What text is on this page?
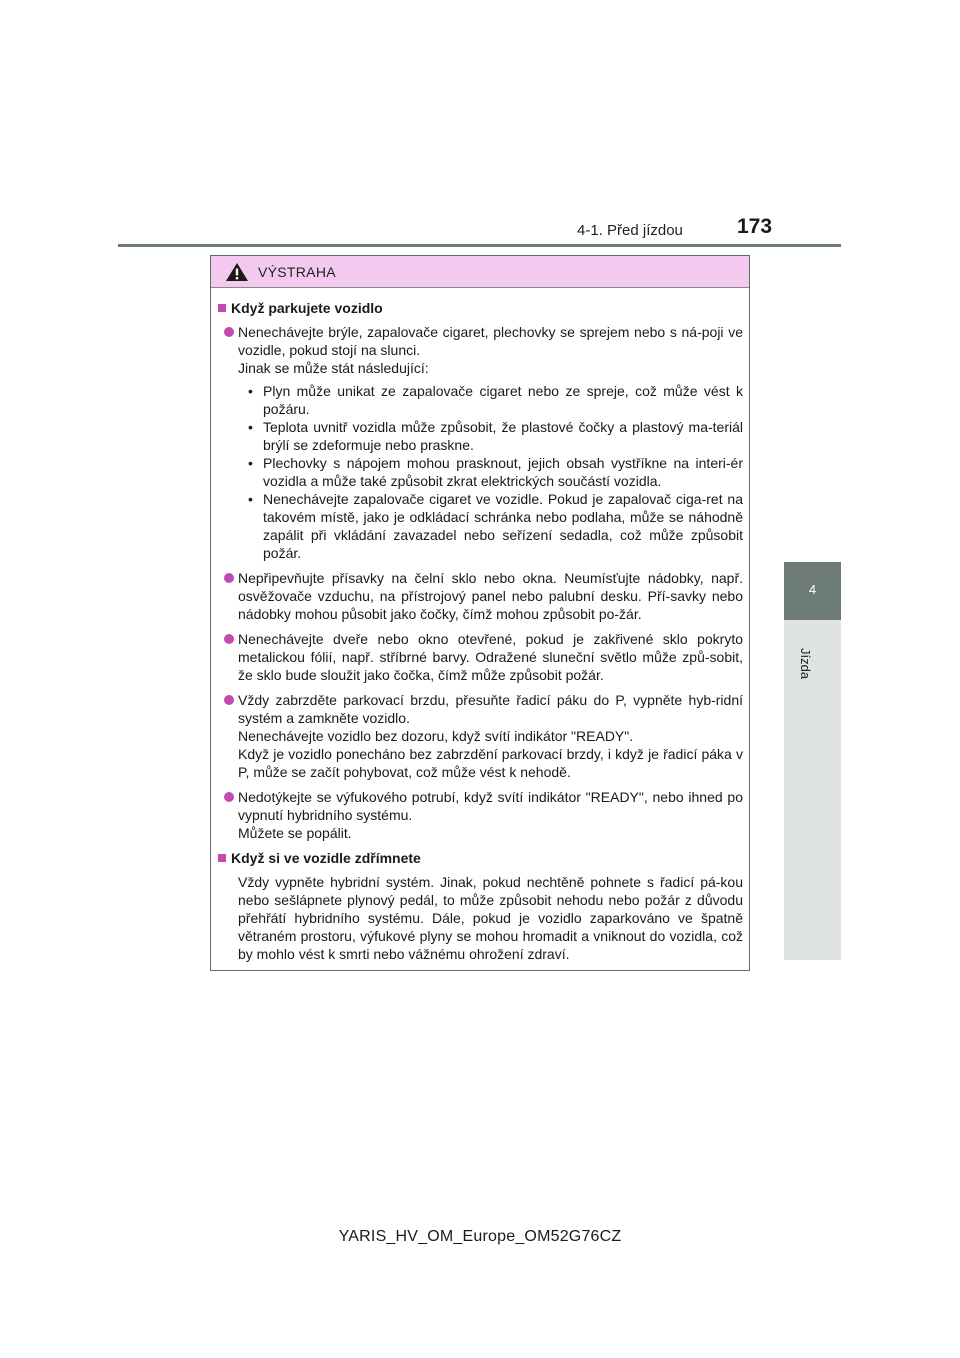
4-1. Před jízdou	173
4
Jízda
VÝSTRAHA
Když parkujete vozidlo
Nenechávejte brýle, zapalovače cigaret, plechovky se sprejem nebo s ná-poji ve vozidle, pokud stojí na slunci.
Jinak se může stát následující:
• Plyn může unikat ze zapalovače cigaret nebo ze spreje, což může vést k požáru.
• Teplota uvnitř vozidla může způsobit, že plastové čočky a plastový ma-teriál brýlí se zdeformuje nebo praskne.
• Plechovky s nápojem mohou prasknout, jejich obsah vystříkne na interi-ér vozidla a může také způsobit zkrat elektrických součástí vozidla.
• Nenechávejte zapalovače cigaret ve vozidle. Pokud je zapalovač ciga-ret na takovém místě, jako je odkládací schránka nebo podlaha, může se náhodně zapálit při vkládání zavazadel nebo seřízení sedadla, což může způsobit požár.
Nepřipevňujte přísavky na čelní sklo nebo okna. Neumísťujte nádobky, např. osvěžovače vzduchu, na přístrojový panel nebo palubní desku. Pří-savky nebo nádobky mohou působit jako čočky, čímž mohou způsobit po-žár.
Nenechávejte dveře nebo okno otevřené, pokud je zakřivené sklo pokryto metalickou fólií, např. stříbrné barvy. Odražené sluneční světlo může způ-sobit, že sklo bude sloužit jako čočka, čímž může způsobit požár.
Vždy zabrzděte parkovací brzdu, přesuňte řadicí páku do P, vypněte hyb-ridní systém a zamkněte vozidlo.
Nenechávejte vozidlo bez dozoru, když svítí indikátor "READY".
Když je vozidlo ponecháno bez zabrzdění parkovací brzdy, i když je řadicí páka v P, může se začít pohybovat, což může vést k nehodě.
Nedotýkejte se výfukového potrubí, když svítí indikátor "READY", nebo ihned po vypnutí hybridního systému.
Můžete se popálit.
Když si ve vozidle zdřímnete
Vždy vypněte hybridní systém. Jinak, pokud nechtěně pohnete s řadicí pá-kou nebo sešlápnete plynový pedál, to může způsobit nehodu nebo požár z důvodu přehřátí hybridního systému. Dále, pokud je vozidlo zaparkováno ve špatně větraném prostoru, výfukové plyny se mohou hromadit a vniknout do vozidla, což by mohlo vést k smrti nebo vážnému ohrožení zdraví.
YARIS_HV_OM_Europe_OM52G76CZ
